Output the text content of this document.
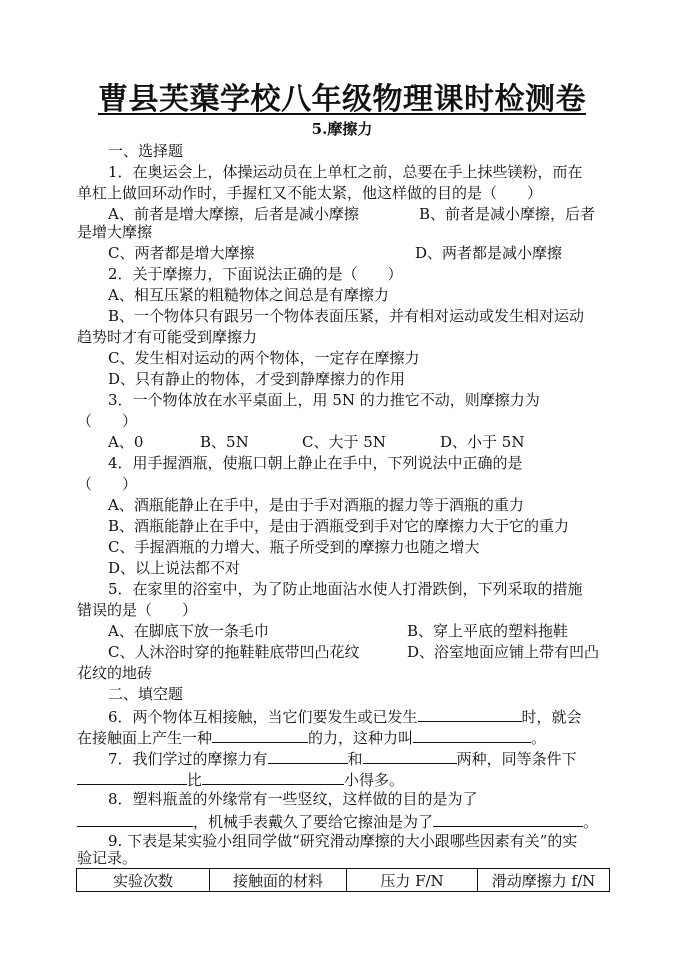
曹县芙蕖学校八年级物理课时检测卷
5.摩擦力
一、选择题
1．在奥运会上，体操运动员在上单杠之前，总要在手上抹些镁粉，而在
单杠上做回环动作时，手握杠又不能太紧，他这样做的目的是（　　）
A、前者是增大摩擦，后者是减小摩擦	B、前者是减小摩擦，后者
是增大摩擦
C、两者都是增大摩擦	D、两者都是减小摩擦
2．关于摩擦力，下面说法正确的是（　　）
A、相互压紧的粗糙物体之间总是有摩擦力
B、一个物体只有跟另一个物体表面压紧，并有相对运动或发生相对运动
趋势时才有可能受到摩擦力
C、发生相对运动的两个物体，一定存在摩擦力
D、只有静止的物体，才受到静摩擦力的作用
3．一个物体放在水平桌面上，用 5N 的力推它不动，则摩擦力为
（　　）
A、0	B、5N	C、大于 5N	D、小于 5N
4．用手握酒瓶，使瓶口朝上静止在手中，下列说法中正确的是
（　　）
A、酒瓶能静止在手中，是由于手对酒瓶的握力等于酒瓶的重力
B、酒瓶能静止在手中，是由于酒瓶受到手对它的摩擦力大于它的重力
C、手握酒瓶的力增大、瓶子所受到的摩擦力也随之增大
D、以上说法都不对
5．在家里的浴室中，为了防止地面沾水使人打滑跌倒，下列采取的措施
错误的是（　　）
A、在脚底下放一条毛巾	B、穿上平底的塑料拖鞋
C、人沐浴时穿的拖鞋鞋底带凹凸花纹	D、浴室地面应铺上带有凹凸
花纹的地砖
二、填空题
6．两个物体互相接触，当它们要发生或已发生	时，就会
在接触面上产生一种	的力，这种力叫	。
7．我们学过的摩擦力有	和	两种，同等条件下
比	小得多。
8．塑料瓶盖的外缘常有一些竖纹，这样做的目的是为了
，机械手表戴久了要给它擦油是为了	。
9. 下表是某实验小组同学做“研究滑动摩擦的大小跟哪些因素有关”的实
验记录。
实验次数	接触面的材料	压力 F/N	滑动摩擦力 f/N
